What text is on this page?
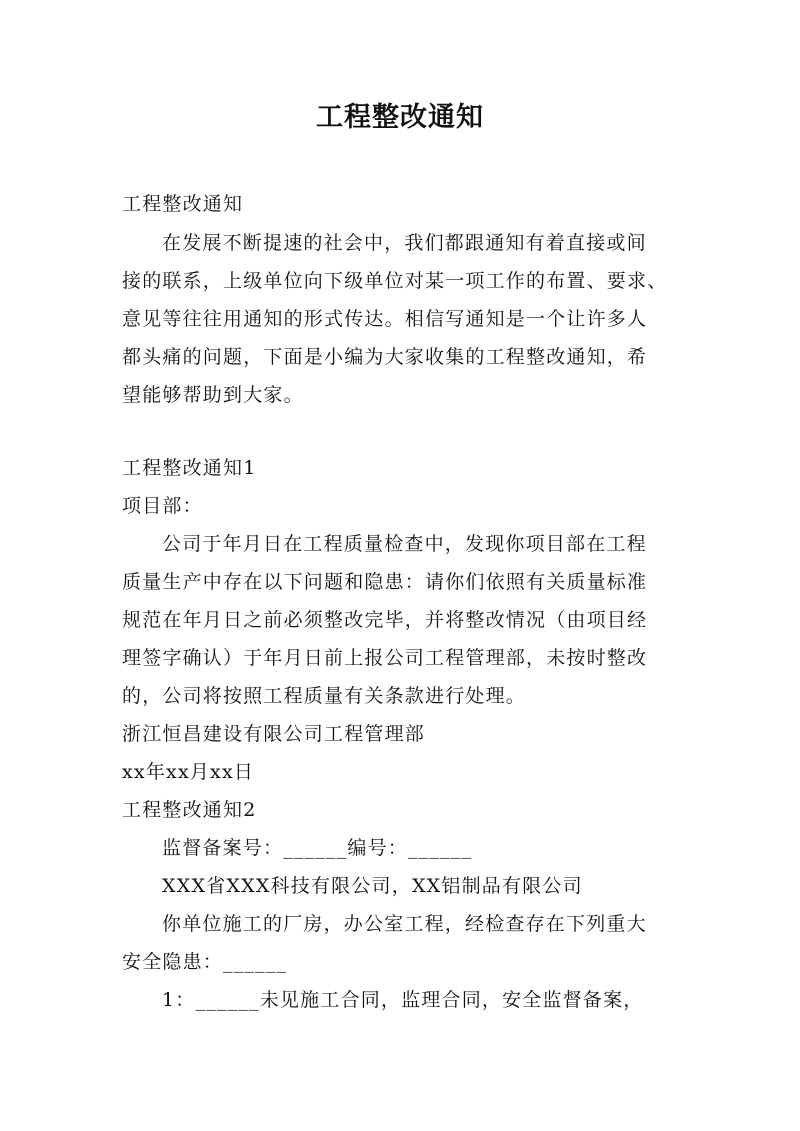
工程整改通知
工程整改通知
在发展不断提速的社会中，我们都跟通知有着直接或间
接的联系，上级单位向下级单位对某一项工作的布置、要求、
意见等往往用通知的形式传达。相信写通知是一个让许多人
都头痛的问题，下面是小编为大家收集的工程整改通知，希
望能够帮助到大家。
工程整改通知1
项目部：
公司于年月日在工程质量检查中，发现你项目部在工程
质量生产中存在以下问题和隐患：请你们依照有关质量标准
规范在年月日之前必须整改完毕，并将整改情况（由项目经
理签字确认）于年月日前上报公司工程管理部，未按时整改
的，公司将按照工程质量有关条款进行处理。
浙江恒昌建设有限公司工程管理部
xx年xx月xx日
工程整改通知2
监督备案号：______编号：______
XXX省XXX科技有限公司，XX铝制品有限公司
你单位施工的厂房，办公室工程，经检查存在下列重大
安全隐患：______
1：______未见施工合同，监理合同，安全监督备案，
